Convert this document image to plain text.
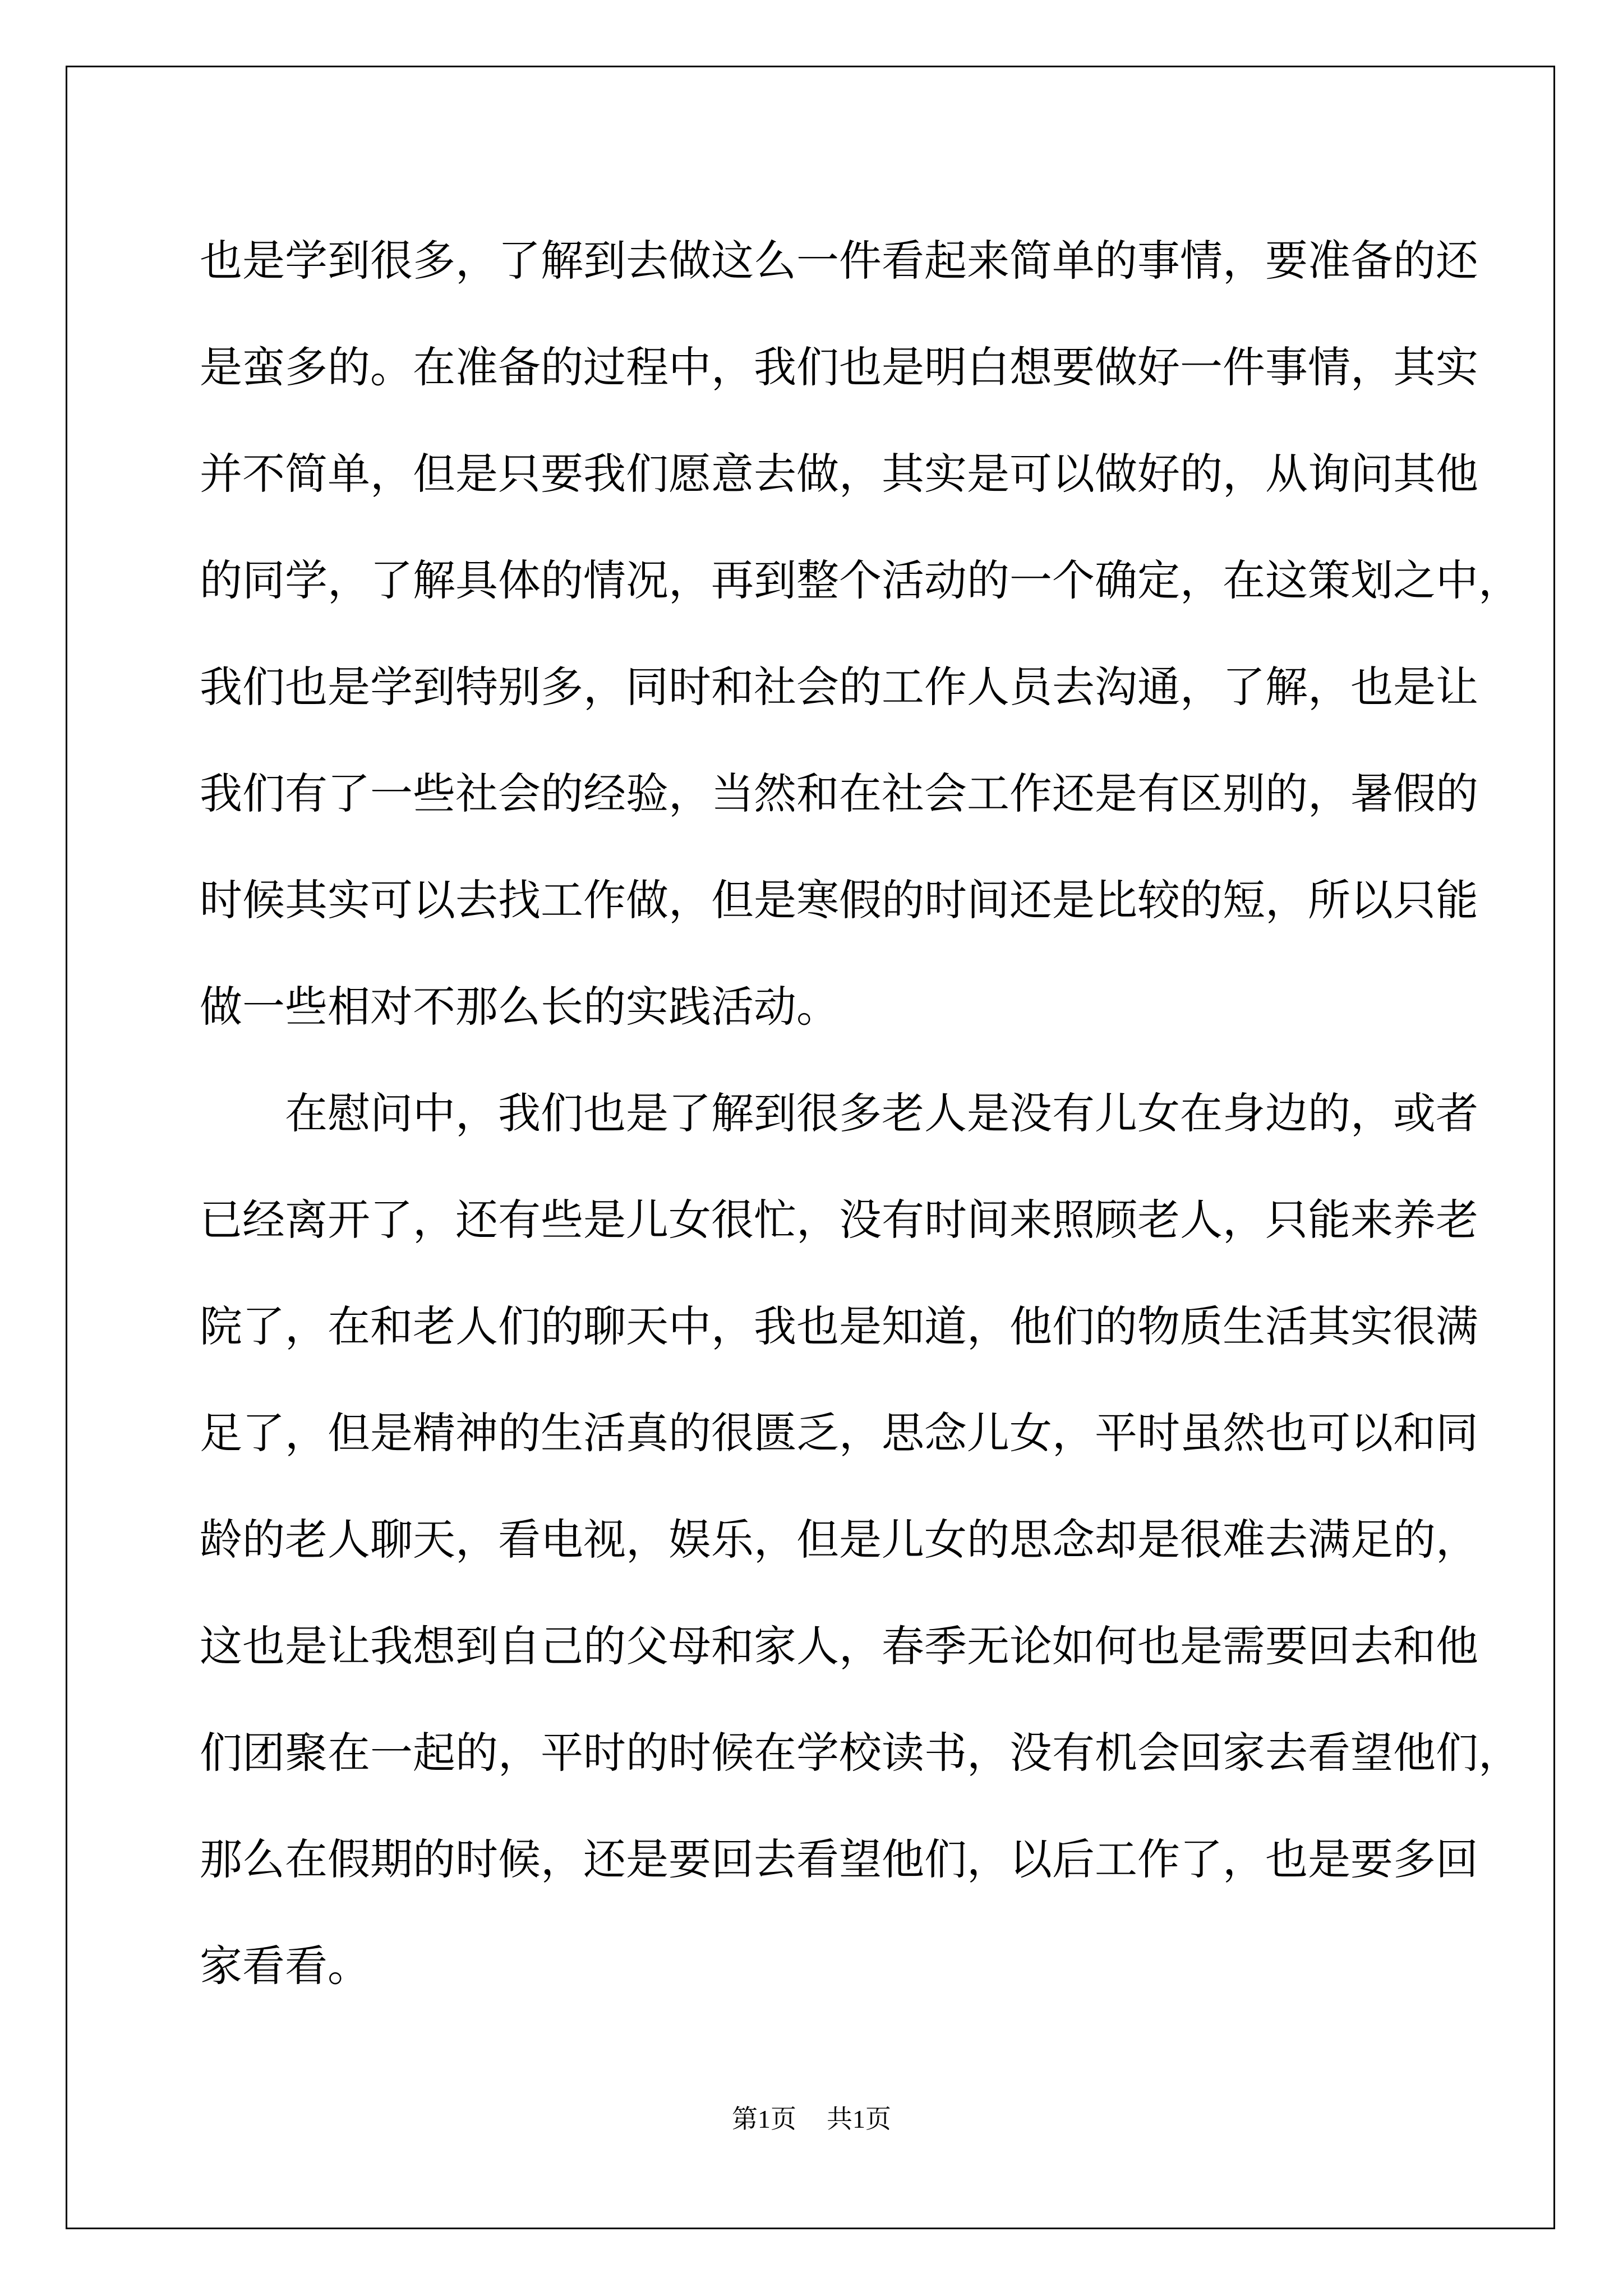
也是学到很多，了解到去做这么一件看起来简单的事情，要准备的还
是蛮多的。在准备的过程中，我们也是明白想要做好一件事情，其实
并不简单，但是只要我们愿意去做，其实是可以做好的，从询问其他
的同学，了解具体的情况，再到整个活动的一个确定，在这策划之中，
我们也是学到特别多，同时和社会的工作人员去沟通，了解，也是让
我们有了一些社会的经验，当然和在社会工作还是有区别的，暑假的
时候其实可以去找工作做，但是寒假的时间还是比较的短，所以只能
做一些相对不那么长的实践活动。
在慰问中，我们也是了解到很多老人是没有儿女在身边的，或者
已经离开了，还有些是儿女很忙，没有时间来照顾老人，只能来养老
院了，在和老人们的聊天中，我也是知道，他们的物质生活其实很满
足了，但是精神的生活真的很匮乏，思念儿女，平时虽然也可以和同
龄的老人聊天，看电视，娱乐，但是儿女的思念却是很难去满足的，
这也是让我想到自己的父母和家人，春季无论如何也是需要回去和他
们团聚在一起的，平时的时候在学校读书，没有机会回家去看望他们，
那么在假期的时候，还是要回去看望他们，以后工作了，也是要多回
家看看。
第1页 共1页
